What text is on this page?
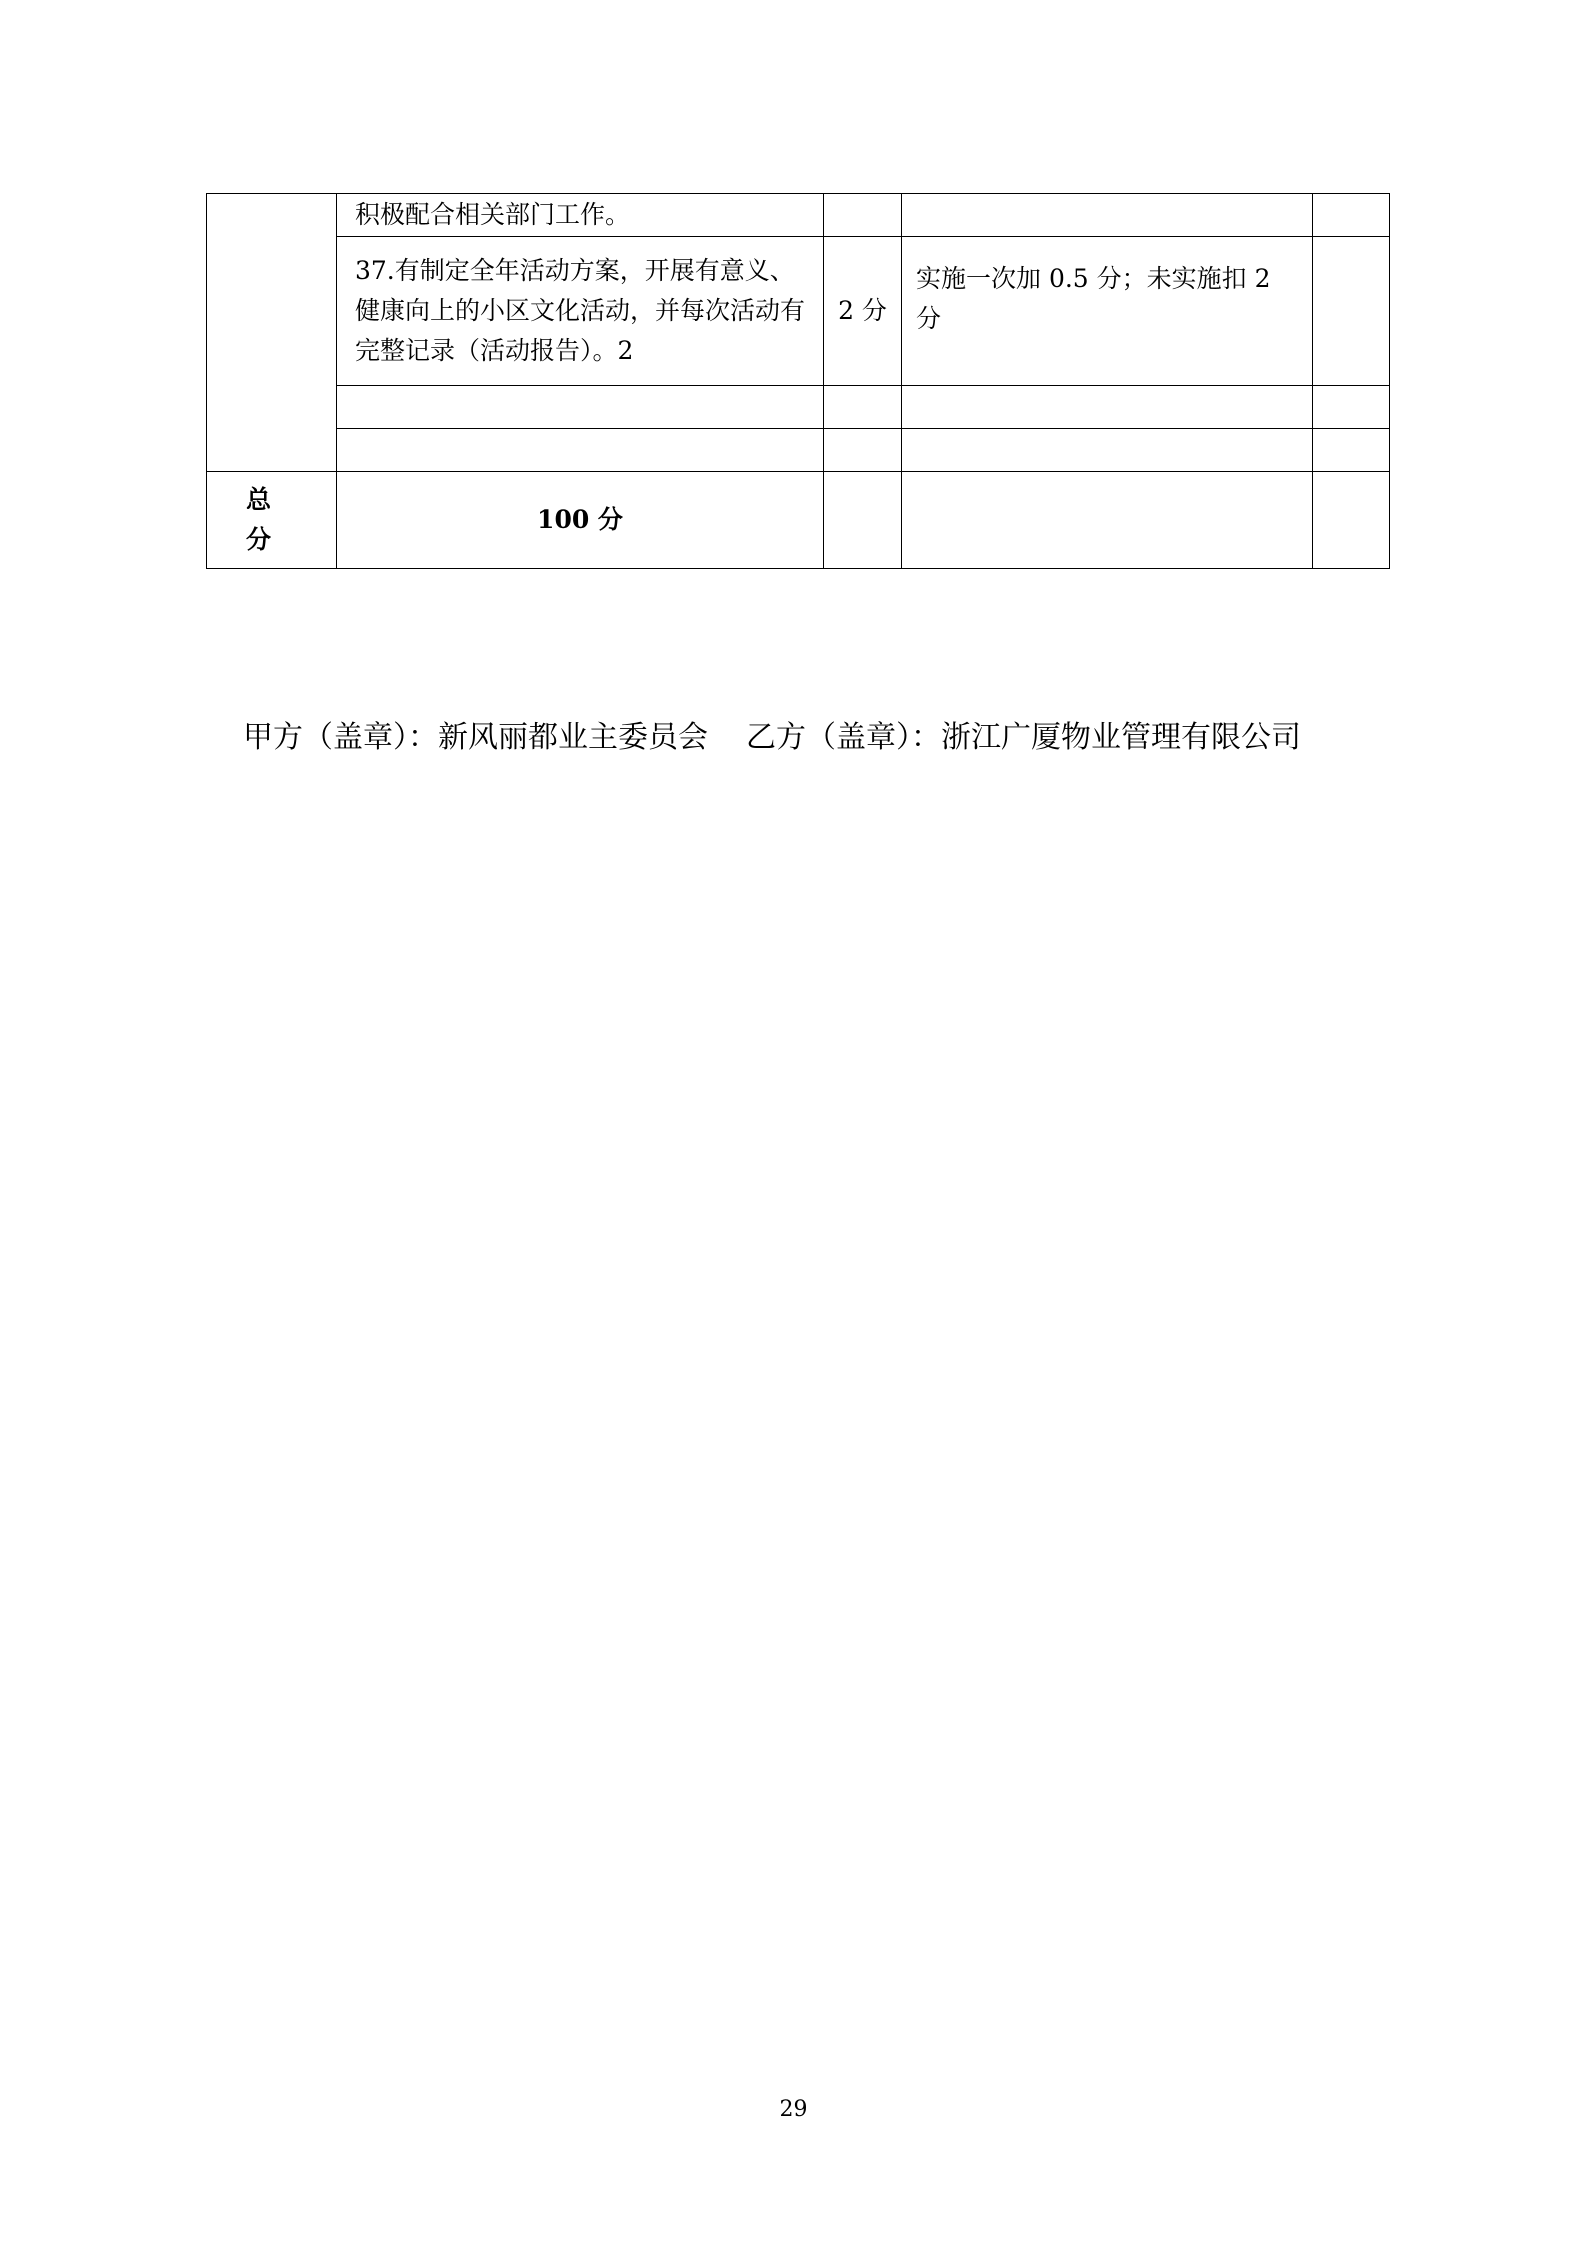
	积极配合相关部门工作。			
	37.有制定全年活动方案，开展有意义、健康向上的小区文化活动，并每次活动有完整记录（活动报告）。2	2 分	实施一次加 0.5 分；未实施扣 2 分	

总 分	100 分			
甲方（盖章）：新风丽都业主委员会 乙方（盖章）：浙江广厦物业管理有限公司
29
